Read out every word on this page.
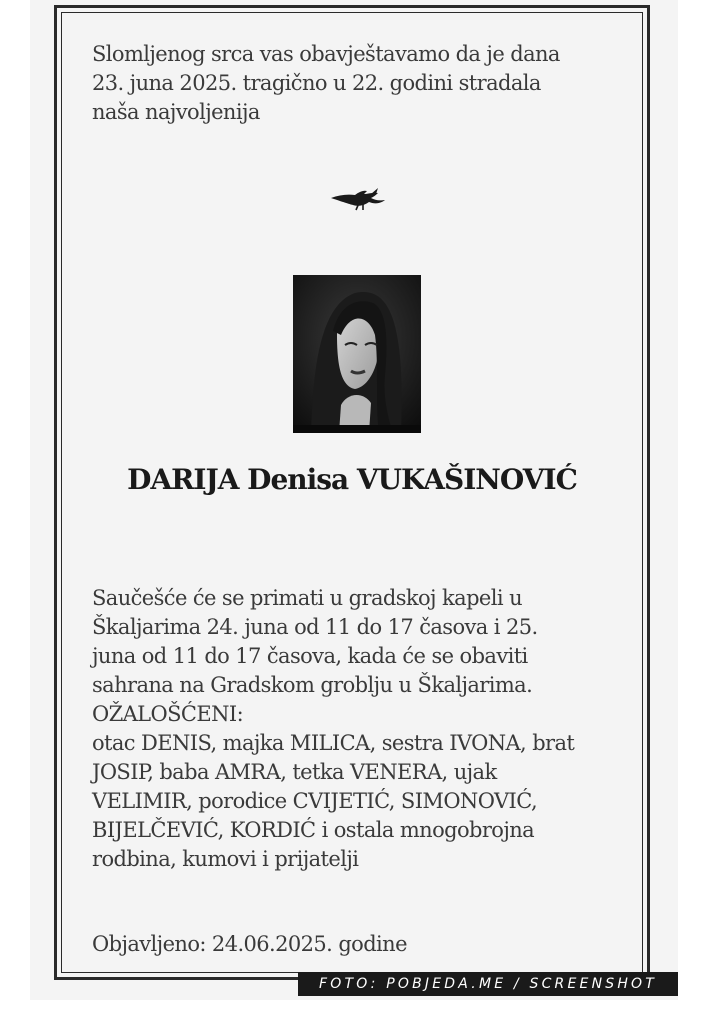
Slomljenog srca vas obavještavamo da je dana
23. juna 2025. tragično u 22. godini stradala
naša najvoljenija
DARIJA Denisa VUKAŠINOVIĆ
Saučešće će se primati u gradskoj kapeli u
Škaljarima 24. juna od 11 do 17 časova i 25.
juna od 11 do 17 časova, kada će se obaviti
sahrana na Gradskom groblju u Škaljarima.
OŽALOŠĆENI:
otac DENIS, majka MILICA, sestra IVONA, brat
JOSIP, baba AMRA, tetka VENERA, ujak
VELIMIR, porodice CVIJETIĆ, SIMONOVIĆ,
BIJELČEVIĆ, KORDIĆ i ostala mnogobrojna
rodbina, kumovi i prijatelji
Objavljeno: 24.06.2025. godine
FOTO: POBJEDA.ME / SCREENSHOT
